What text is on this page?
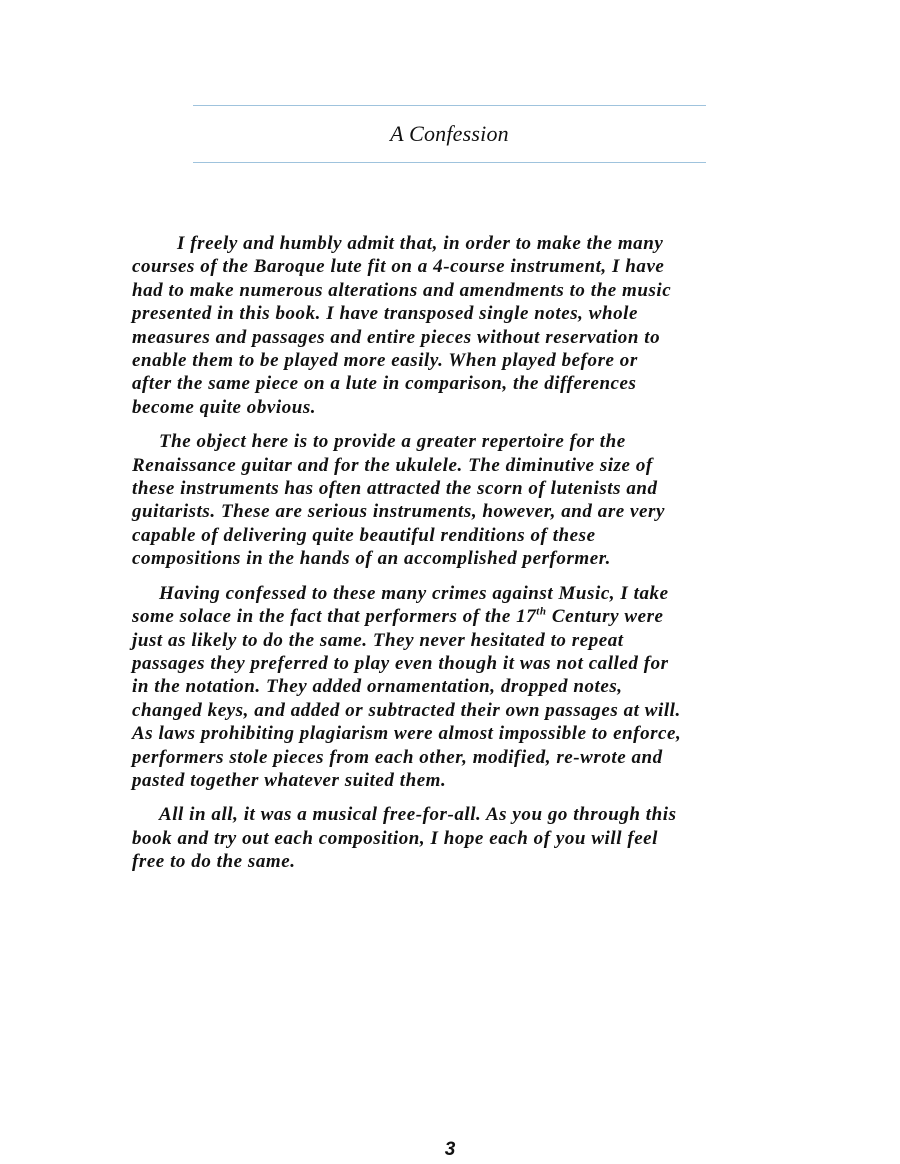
A Confession

I freely and humbly admit that, in order to make the many
courses of the Baroque lute fit on a 4-course instrument, I have
had to make numerous alterations and amendments to the music
presented in this book. I have transposed single notes, whole
measures and passages and entire pieces without reservation to
enable them to be played more easily. When played before or
after the same piece on a lute in comparison, the differences
become quite obvious.

The object here is to provide a greater repertoire for the
Renaissance guitar and for the ukulele. The diminutive size of
these instruments has often attracted the scorn of lutenists and
guitarists. These are serious instruments, however, and are very
capable of delivering quite beautiful renditions of these
compositions in the hands of an accomplished performer.

Having confessed to these many crimes against Music, I take
some solace in the fact that performers of the 17th Century were
just as likely to do the same. They never hesitated to repeat
passages they preferred to play even though it was not called for
in the notation. They added ornamentation, dropped notes,
changed keys, and added or subtracted their own passages at will.
As laws prohibiting plagiarism were almost impossible to enforce,
performers stole pieces from each other, modified, re-wrote and
pasted together whatever suited them.

All in all, it was a musical free-for-all. As you go through this
book and try out each composition, I hope each of you will feel
free to do the same.

3
